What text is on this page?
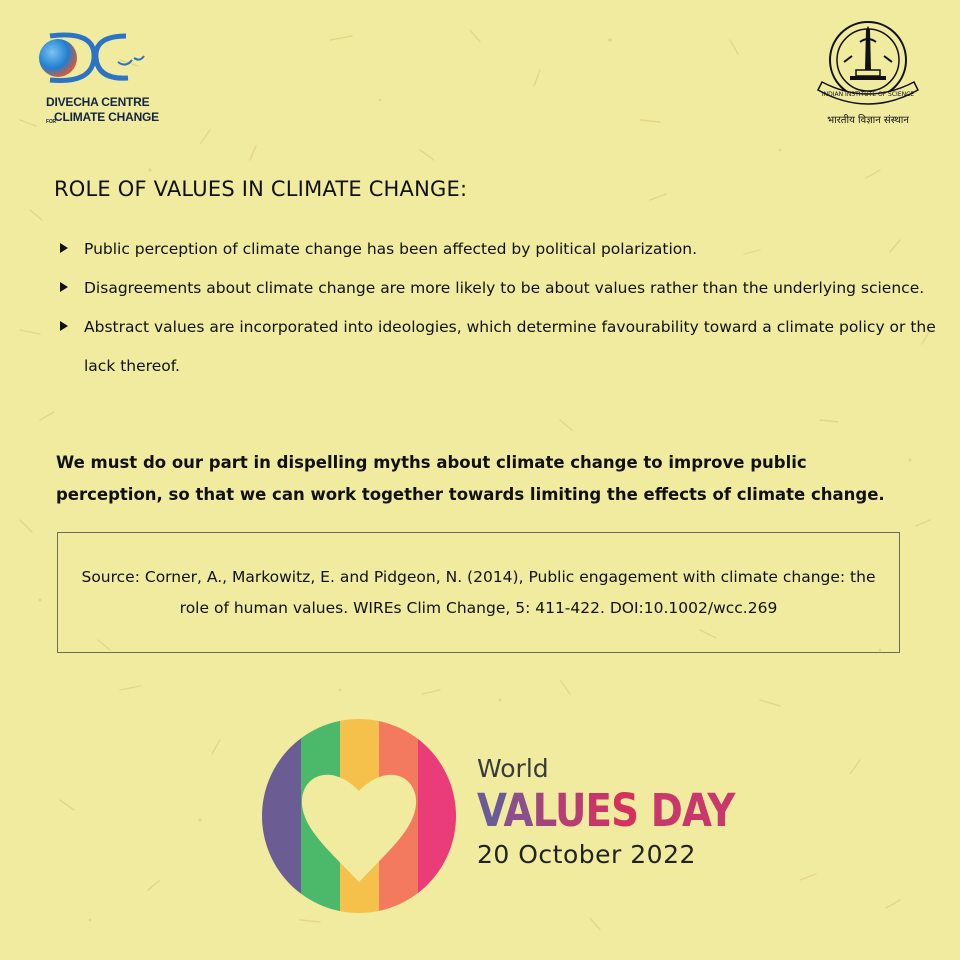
DIVECHA CENTRE
FOR
CLIMATE CHANGE
INDIAN INSTITUTE OF SCIENCE
भारतीय विज्ञान संस्थान
ROLE OF VALUES IN CLIMATE CHANGE:
Public perception of climate change has been affected by political polarization.
Disagreements about climate change are more likely to be about values rather than the underlying science.
Abstract values are incorporated into ideologies, which determine favourability toward a climate policy or the lack thereof.
We must do our part in dispelling myths about climate change to improve public perception, so that we can work together towards limiting the effects of climate change.

Source: Corner, A., Markowitz, E. and Pidgeon, N. (2014), Public engagement with climate change: the role of human values. WIREs Clim Change, 5: 411-422. DOI:10.1002/wcc.269

World
VALUES DAY
20 October 2022
